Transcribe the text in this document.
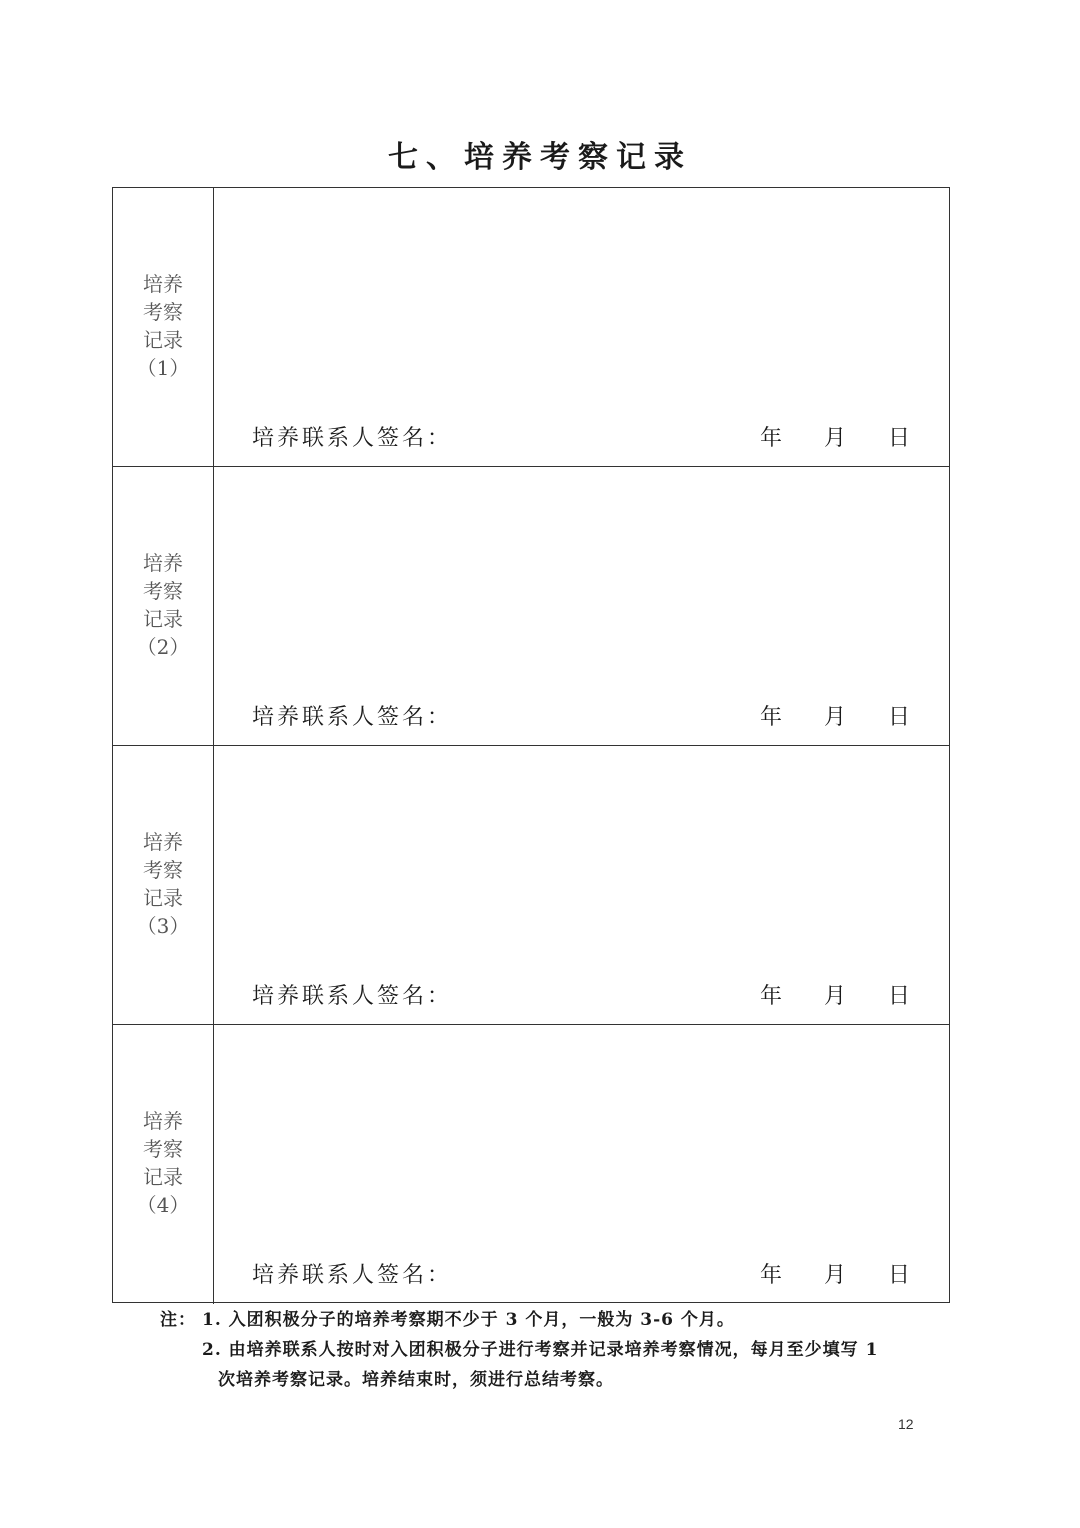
七、培养考察记录
培养
考察
记录
（1）
培养联系人签名：	年 月 日
培养
考察
记录
（2）
培养联系人签名：	年 月 日
培养
考察
记录
（3）
培养联系人签名：	年 月 日
培养
考察
记录
（4）
培养联系人签名：	年 月 日
注： 1. 入团积极分子的培养考察期不少于 3 个月，一般为 3-6 个月。
2. 由培养联系人按时对入团积极分子进行考察并记录培养考察情况，每月至少填写 1
次培养考察记录。培养结束时，须进行总结考察。
12
